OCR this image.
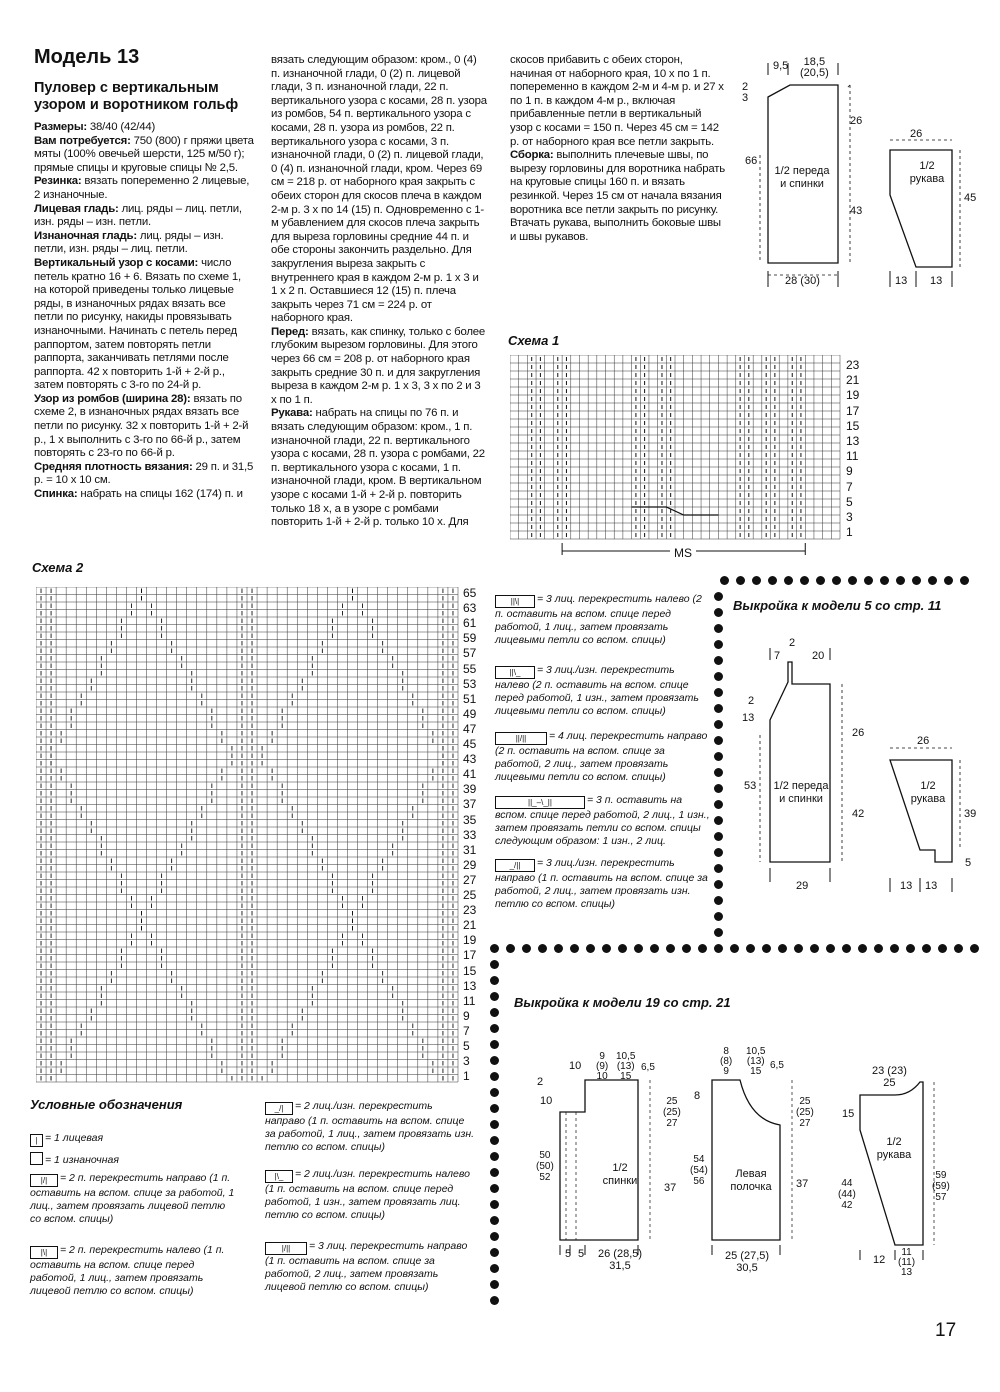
Модель 13
Пуловер с вертикальным узором и воротником гольф

Размеры: 38/40 (42/44)

Вам потребуется: 750 (800) г пряжи цвета мяты (100% овечьей шерсти, 125 м/50 г); прямые спицы и круговые спицы № 2,5.

Резинка: вязать попеременно 2 лицевые, 2 изнаночные.

Лицевая гладь: лиц. ряды – лиц. петли, изн. ряды – изн. петли.

Изнаночная гладь: лиц. ряды – изн. петли, изн. ряды – лиц. петли.

Вертикальный узор с косами: число петель кратно 16 + 6. Вязать по схеме 1, на которой приведены только лицевые ряды, в изнаночных рядах вязать все петли по рисунку, накиды провязывать изнаночными. Начинать с петель перед раппортом, затем повторять петли раппорта, заканчивать петлями после раппорта. 42 х повторить 1-й + 2-й р., затем повторять с 3-го по 24-й р.

Узор из ромбов (ширина 28): вязать по схеме 2, в изнаночных рядах вязать все петли по рисунку. 32 х повторить 1-й + 2-й р., 1 х выполнить с 3-го по 66-й р., затем повторять с 23-го по 66-й р.

Средняя плотность вязания: 29 п. и 31,5 р. = 10 х 10 см.

Спинка: набрать на спицы 162 (174) п. и

вязать следующим образом: кром., 0 (4) п. изнаночной глади, 0 (2) п. лицевой глади, 3 п. изнаночной глади, 22 п. вертикального узора с косами, 28 п. узора из ромбов, 54 п. вертикального узора с косами, 28 п. узора из ромбов, 22 п. вертикального узора с косами, 3 п. изнаночной глади, 0 (2) п. лицевой глади, 0 (4) п. изнаночной глади, кром. Через 69 см = 218 р. от наборного края закрыть с обеих сторон для скосов плеча в каждом 2-м р. 3 х по 14 (15) п. Одновременно с 1-м убавлением для скосов плеча закрыть для выреза горловины средние 44 п. и обе стороны закончить раздельно. Для закругления выреза закрыть с внутреннего края в каждом 2-м р. 1 х 3 и 1 х 2 п. Оставшиеся 12 (15) п. плеча закрыть через 71 см = 224 р. от наборного края.

Перед: вязать, как спинку, только с более глубоким вырезом горловины. Для этого через 66 см = 208 р. от наборного края закрыть средние 30 п. и для закругления выреза в каждом 2-м р. 1 х 3, 3 х по 2 и 3 х по 1 п.

Рукава: набрать на спицы по 76 п. и вязать следующим образом: кром., 1 п. изнаночной глади, 22 п. вертикального узора с косами, 28 п. узора с ромбами, 22 п. вертикального узора с косами, 1 п. изнаночной глади, кром. В вертикальном узоре с косами 1-й + 2-й р. повторить только 18 х, а в узоре с ромбами повторить 1-й + 2-й р. только 10 х. Для

скосов прибавить с обеих сторон, начиная от наборного края, 10 х по 1 п. попеременно в каждом 2-м и 4-м р. и 27 х по 1 п. в каждом 4-м р., включая прибавленные петли в вертикальный узор с косами = 150 п. Через 45 см = 142 р. от наборного края все петли закрыть.

Сборка: выполнить плечевые швы, по вырезу горловины для воротника набрать на круговые спицы 160 п. и вязать резинкой. Через 15 см от начала вязания воротника все петли закрыть по рисунку. Втачать рукава, выполнить боковые швы и швы рукавов.

9,5	18,5
(20,5)
2
3
66
26
43
28 (30)
1/2 переда
и спинки
26
45
13 13
1/2
рукава
Схема 1
23
21
19
17
15
13
11
9
7
5
3
1
MS
Схема 2
65
63
61
59
57
55
53
51
49
47
45
43
41
39
37
35
33
31
29
27
25
23
21
19
17
15
13
11
9
7
5
3
1
Условные обозначения
| = 1 лицевая
= 1 изнаночная
|/| = 2 п. перекрестить направо (1 п. оставить на вспом. спице за работой, 1 лиц., затем провязать лицевой петлю со вспом. спицы)
|\| = 2 п. перекрестить налево (1 п. оставить на вспом. спице перед работой, 1 лиц., затем провязать лицевой петлю со вспом. спицы)
_/| = 2 лиц./изн. перекрестить направо (1 п. оставить на вспом. спице за работой, 1 лиц., затем провязать изн. петлю со вспом. спицы)
|\_ = 2 лиц./изн. перекрестить налево (1 п. оставить на вспом. спице перед работой, 1 изн., затем провязать лиц. петлю со вспом. спицы)
|/|| = 3 лиц. перекрестить направо (1 п. оставить на вспом. спице за работой, 2 лиц., затем провязать лицевой петлю со вспом. спицы)
||\| = 3 лиц. перекрестить налево (2 п. оставить на вспом. спице перед работой, 1 лиц., затем провязать лицевыми петли со вспом. спицы)
||\_ = 3 лиц./изн. перекрестить налево (2 п. оставить на вспом. спице перед работой, 1 изн., затем провязать лицевыми петли со вспом. спицы)
||/|| = 4 лиц. перекрестить направо (2 п. оставить на вспом. спице за работой, 2 лиц., затем провязать лицевыми петли со вспом. спицы)
||_–\_||	= 3 п. оставить на вспом. спице перед работой, 2 лиц., 1 изн., затем провязать петли со вспом. спицы следующим образом: 1 изн., 2 лиц.
_/|| = 3 лиц./изн. перекрестить направо (1 п. оставить на вспом. спице за работой, 2 лиц., затем провязать изн. петлю со вспом. спицы)
Выкройка к модели 5 со стр. 11
7
2
20
2
13
26
53
42
29
1/2 переда
и спинки
26
39
5
13 13
1/2
рукава
Выкройка к модели 19 со стр. 21
10
9
(9)
10
10,5
(13)
15
6,5
2
10
50
(50)
52
25
(25)
27
37
5 5 26 (28,5)
31,5
1/2
спинки
8
(8)
9
10,5
(13)
15
6,5
8
54
(54)
56
25
(25)
27
37
25 (27,5)
30,5
Левая
полочка
23 (23)
25
15
44
(44)
42
59
(59)
57
12
11
(11)
13
1/2
рукава
17
